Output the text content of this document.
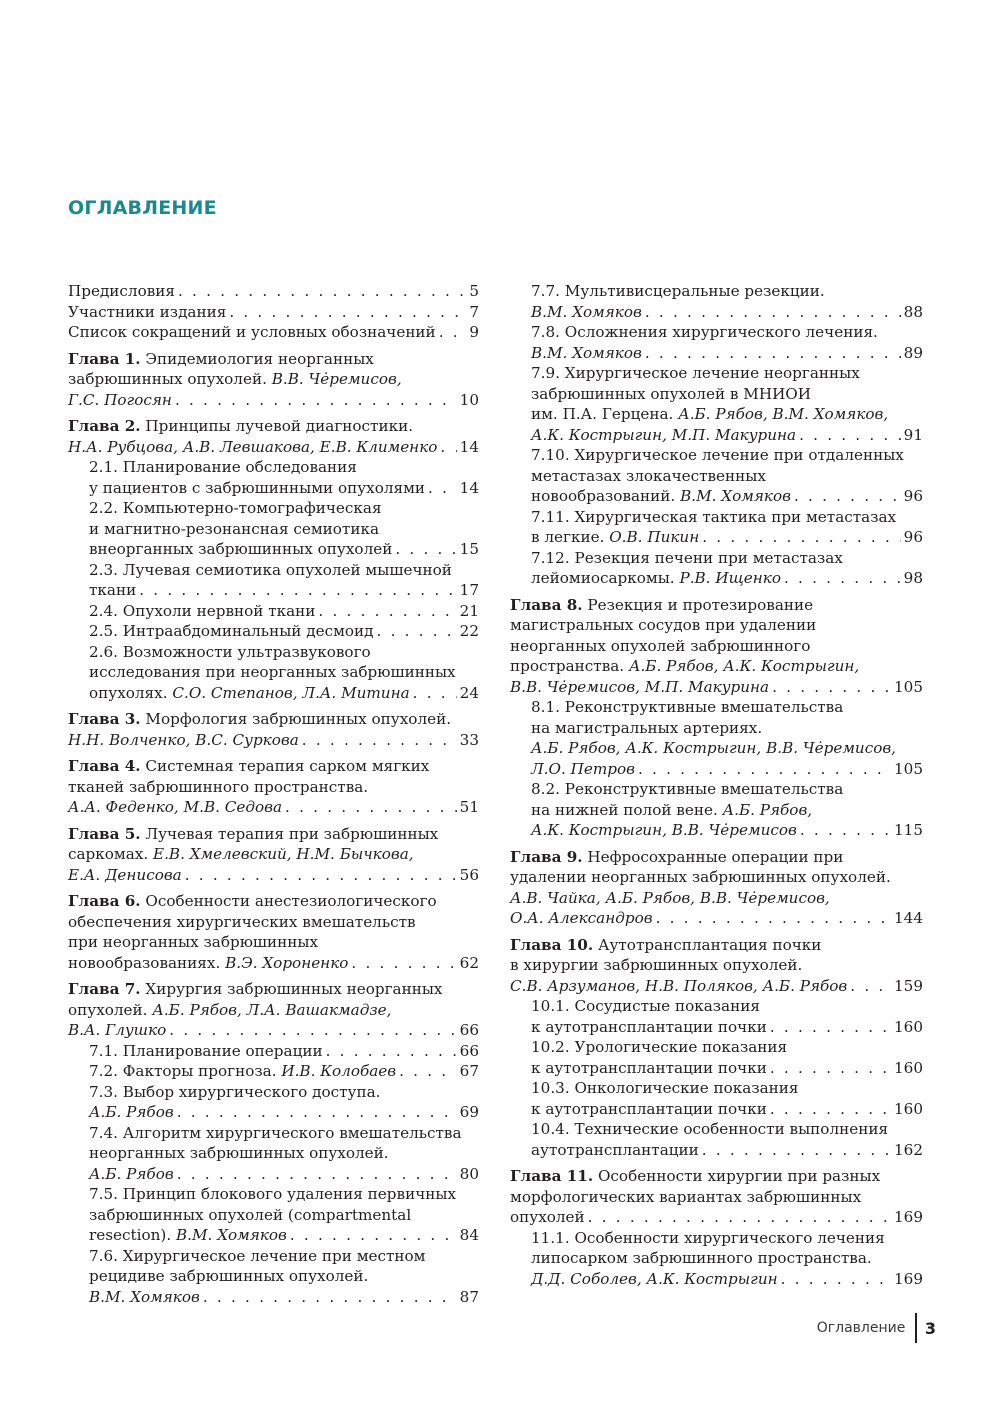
ОГЛАВЛЕНИЕ
Предисловия . . .	5
Участники издания . . .	7
Список сокращений и условных обозначений . . . 9
Глава 1. Эпидемиология неорганных
забрюшинных опухолей. В.В. Чėремисов,
Г.С. Погосян . . .	10
Глава 2. Принципы лучевой диагностики.
Н.А. Рубцова, А.В. Левшакова, Е.В. Клименко . . . 14
2.1. Планирование обследования
у пациентов с забрюшинными опухолями . . . 14
2.2. Компьютерно-томографическая
и магнитно-резонансная семиотика
внеорганных забрюшинных опухолей . . .	15
2.3. Лучевая семиотика опухолей мышечной
ткани . . .	17
2.4. Опухоли нервной ткани . . .	21
2.5. Интраабдоминальный десмоид . . .	22
2.6. Возможности ультразвукового
исследования при неорганных забрюшинных
опухолях. С.О. Степанов, Л.А. Митина . . .	24
Глава 3. Морфология забрюшинных опухолей.
Н.Н. Волченко, В.С. Суркова . . .	33
Глава 4. Системная терапия сарком мягких
тканей забрюшинного пространства.
А.А. Феденко, М.В. Седова . . .	51
Глава 5. Лучевая терапия при забрюшинных
саркомах. Е.В. Хмелевский, Н.М. Бычкова,
Е.А. Денисова . . .	56
Глава 6. Особенности анестезиологического
обеспечения хирургических вмешательств
при неорганных забрюшинных
новообразованиях. В.Э. Хороненко . . .	62
Глава 7. Хирургия забрюшинных неорганных
опухолей. А.Б. Рябов, Л.А. Вашакмадзе,
В.А. Глушко . . .	66
7.1. Планирование операции . . .	66
7.2. Факторы прогноза. И.В. Колобаев . . .	67
7.3. Выбор хирургического доступа.
А.Б. Рябов . . .	69
7.4. Алгоритм хирургического вмешательства
неорганных забрюшинных опухолей.
А.Б. Рябов . . .	80
7.5. Принцип блокового удаления первичных
забрюшинных опухолей (compartmental
resection). В.М. Хомяков . . .	84
7.6. Хирургическое лечение при местном
рецидиве забрюшинных опухолей.
В.М. Хомяков . . .	87
7.7. Мультивисцеральные резекции.
В.М. Хомяков . . .	88
7.8. Осложнения хирургического лечения.
В.М. Хомяков . . .	89
7.9. Хирургическое лечение неорганных
забрюшинных опухолей в МНИОИ
им. П.А. Герцена. А.Б. Рябов, В.М. Хомяков,
А.К. Кострыгин, М.П. Макурина . . .	91
7.10. Хирургическое лечение при отдаленных
метастазах злокачественных
новообразований. В.М. Хомяков . . .	96
7.11. Хирургическая тактика при метастазах
в легкие. О.В. Пикин . . .	96
7.12. Резекция печени при метастазах
лейомиосаркомы. Р.В. Ищенко . . .	98
Глава 8. Резекция и протезирование
магистральных сосудов при удалении
неорганных опухолей забрюшинного
пространства. А.Б. Рябов, А.К. Кострыгин,
В.В. Чėремисов, М.П. Макурина . . .	105
8.1. Реконструктивные вмешательства
на магистральных артериях.
А.Б. Рябов, А.К. Кострыгин, В.В. Чėремисов,
Л.О. Петров . . .	105
8.2. Реконструктивные вмешательства
на нижней полой вене. А.Б. Рябов,
А.К. Кострыгин, В.В. Чėремисов . . .	115
Глава 9. Нефросохранные операции при
удалении неорганных забрюшинных опухолей.
А.В. Чайка, А.Б. Рябов, В.В. Чėремисов,
О.А. Александров . . .	144
Глава 10. Аутотрансплантация почки
в хирургии забрюшинных опухолей.
С.В. Арзуманов, Н.В. Поляков, А.Б. Рябов . . .	159
10.1. Сосудистые показания
к аутотрансплантации почки . . .	160
10.2. Урологические показания
к аутотрансплантации почки . . .	160
10.3. Онкологические показания
к аутотрансплантации почки . . .	160
10.4. Технические особенности выполнения
аутотрансплантации . . .	162
Глава 11. Особенности хирургии при разных
морфологических вариантах забрюшинных
опухолей . . .	169
11.1. Особенности хирургического лечения
липосарком забрюшинного пространства.
Д.Д. Соболев, А.К. Кострыгин . . .	169
Оглавление 3
